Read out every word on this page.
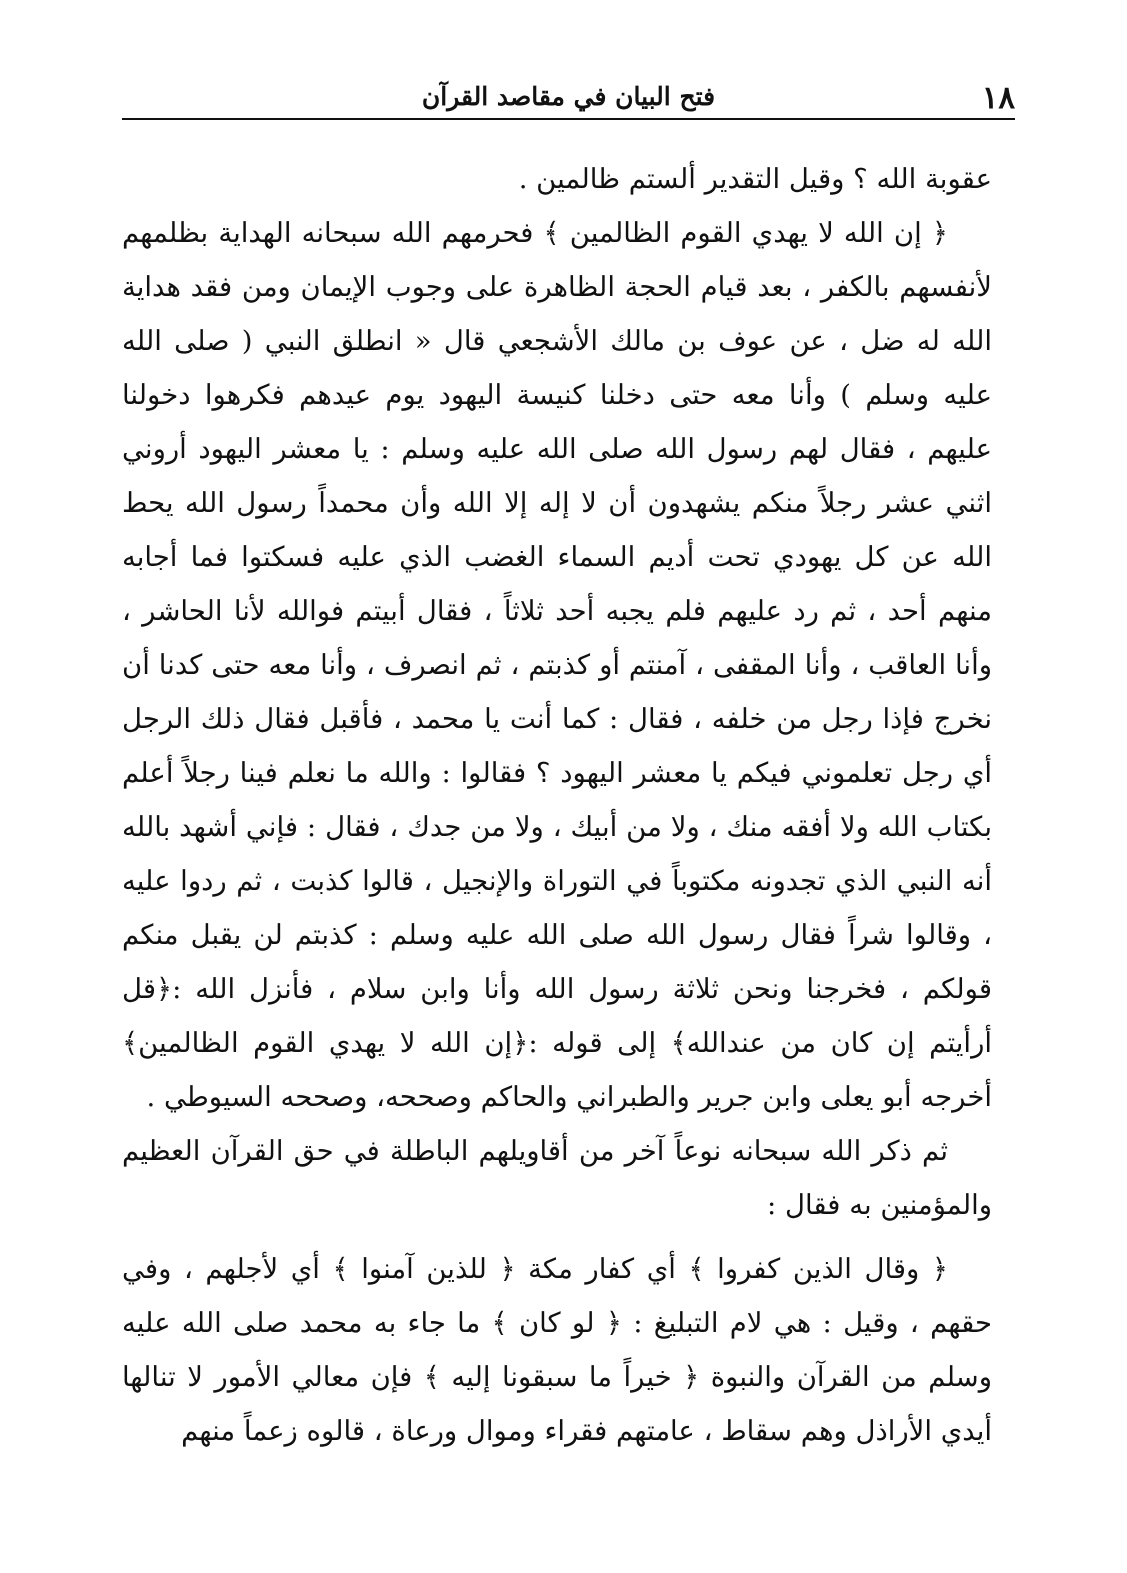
١٨
فتح البيان في مقاصد القرآن

عقوبة الله ؟ وقيل التقدير ألستم ظالمين .

﴿ إن الله لا يهدي القوم الظالمين ﴾ فحرمهم الله سبحانه الهداية بظلمهم لأنفسهم بالكفر ، بعد قيام الحجة الظاهرة على وجوب الإيمان ومن فقد هداية الله له ضل ، عن عوف بن مالك الأشجعي قال « انطلق النبي ( صلى الله عليه وسلم ) وأنا معه حتى دخلنا كنيسة اليهود يوم عيدهم فكرهوا دخولنا عليهم ، فقال لهم رسول الله صلى الله عليه وسلم : يا معشر اليهود أروني اثني عشر رجلاً منكم يشهدون أن لا إله إلا الله وأن محمداً رسول الله يحط الله عن كل يهودي تحت أديم السماء الغضب الذي عليه فسكتوا فما أجابه منهم أحد ، ثم رد عليهم فلم يجبه أحد ثلاثاً ، فقال أبيتم فوالله لأنا الحاشر ، وأنا العاقب ، وأنا المقفى ، آمنتم أو كذبتم ، ثم انصرف ، وأنا معه حتى كدنا أن نخرج فإذا رجل من خلفه ، فقال : كما أنت يا محمد ، فأقبل فقال ذلك الرجل أي رجل تعلموني فيكم يا معشر اليهود ؟ فقالوا : والله ما نعلم فينا رجلاً أعلم بكتاب الله ولا أفقه منك ، ولا من أبيك ، ولا من جدك ، فقال : فإني أشهد بالله أنه النبي الذي تجدونه مكتوباً في التوراة والإنجيل ، قالوا كذبت ، ثم ردوا عليه ، وقالوا شراً فقال رسول الله صلى الله عليه وسلم : كذبتم لن يقبل منكم قولكم ، فخرجنا ونحن ثلاثة رسول الله وأنا وابن سلام ، فأنزل الله :﴿قل أرأيتم إن كان من عندالله﴾ إلى قوله :﴿إن الله لا يهدي القوم الظالمين﴾ أخرجه أبو يعلى وابن جرير والطبراني والحاكم وصححه، وصححه السيوطي .

ثم ذكر الله سبحانه نوعاً آخر من أقاويلهم الباطلة في حق القرآن العظيم والمؤمنين به فقال :

﴿ وقال الذين كفروا ﴾ أي كفار مكة ﴿ للذين آمنوا ﴾ أي لأجلهم ، وفي حقهم ، وقيل : هي لام التبليغ : ﴿ لو كان ﴾ ما جاء به محمد صلى الله عليه وسلم من القرآن والنبوة ﴿ خيراً ما سبقونا إليه ﴾ فإن معالي الأمور لا تنالها أيدي الأراذل وهم سقاط ، عامتهم فقراء وموال ورعاة ، قالوه زعماً منهم
